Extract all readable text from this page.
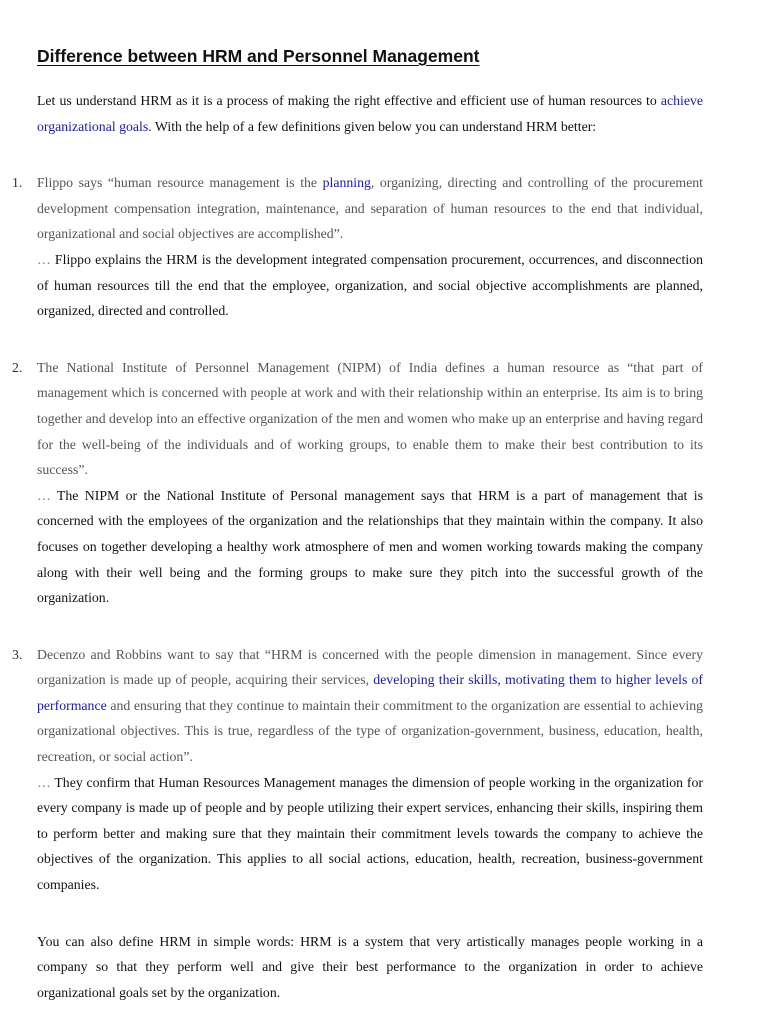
Difference between HRM and Personnel Management

Let us understand HRM as it is a process of making the right effective and efficient use of human resources to achieve organizational goals. With the help of a few definitions given below you can understand HRM better:

1. Flippo says “human resource management is the planning, organizing, directing and controlling of the procurement development compensation integration, maintenance, and separation of human resources to the end that individual, organizational and social objectives are accomplished”.

… Flippo explains the HRM is the development integrated compensation procurement, occurrences, and disconnection of human resources till the end that the employee, organization, and social objective accomplishments are planned, organized, directed and controlled.

2. The National Institute of Personnel Management (NIPM) of India defines a human resource as “that part of management which is concerned with people at work and with their relationship within an enterprise. Its aim is to bring together and develop into an effective organization of the men and women who make up an enterprise and having regard for the well-being of the individuals and of working groups, to enable them to make their best contribution to its success”.

… The NIPM or the National Institute of Personal management says that HRM is a part of management that is concerned with the employees of the organization and the relationships that they maintain within the company. It also focuses on together developing a healthy work atmosphere of men and women working towards making the company along with their well being and the forming groups to make sure they pitch into the successful growth of the organization.

3. Decenzo and Robbins want to say that “HRM is concerned with the people dimension in management. Since every organization is made up of people, acquiring their services, developing their skills, motivating them to higher levels of performance and ensuring that they continue to maintain their commitment to the organization are essential to achieving organizational objectives. This is true, regardless of the type of organization-government, business, education, health, recreation, or social action”.

… They confirm that Human Resources Management manages the dimension of people working in the organization for every company is made up of people and by people utilizing their expert services, enhancing their skills, inspiring them to perform better and making sure that they maintain their commitment levels towards the company to achieve the objectives of the organization. This applies to all social actions, education, health, recreation, business-government companies.

You can also define HRM in simple words: HRM is a system that very artistically manages people working in a company so that they perform well and give their best performance to the organization in order to achieve organizational goals set by the organization.
